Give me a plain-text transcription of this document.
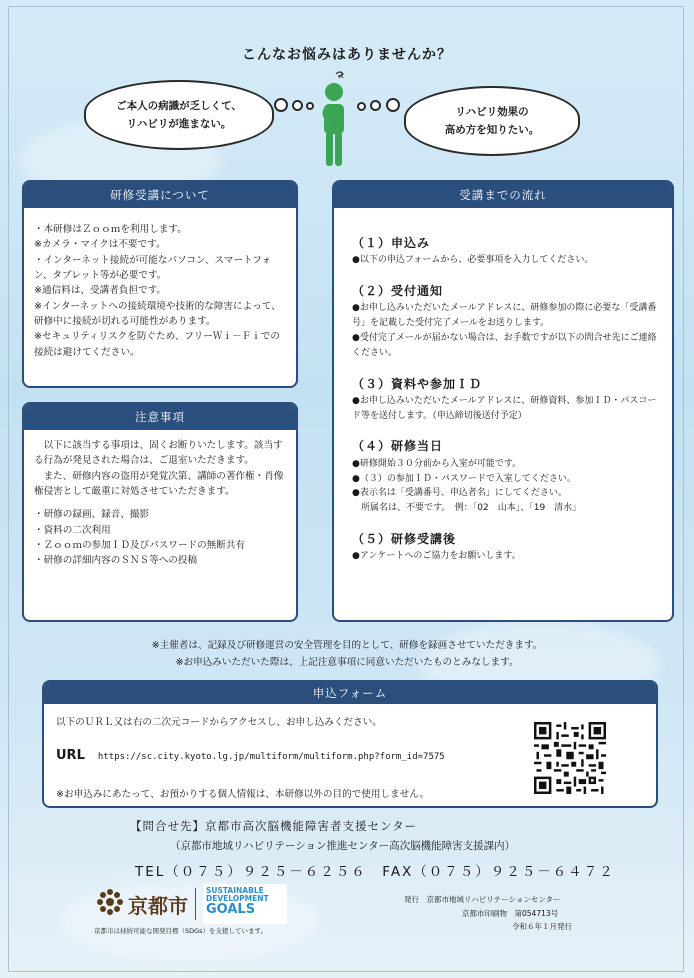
こんなお悩みはありませんか？
ご本人の病識が乏しくて、
リハビリが進まない。
リハビリ効果の
高め方を知りたい。
研修受講について

・本研修はＺｏｏｍを利用します。

※カメラ・マイクは不要です。

・インターネット接続が可能なパソコン、スマートフォン、タブレット等が必要です。

※通信料は、受講者負担です。

※インターネットへの接続環境や技術的な障害によって、研修中に接続が切れる可能性があります。

※セキュリティリスクを防ぐため、フリーＷｉ－Ｆｉでの接続は避けてください。

注意事項

　以下に該当する事項は、固くお断りいたします。該当する行為が発見された場合は、ご退室いただきます。

　また、研修内容の盗用が発覚次第、講師の著作権・肖像権侵害として厳重に対処させていただきます。

・研修の録画、録音、撮影

・資料の二次利用

・Ｚｏｏｍの参加ＩＤ及びパスワードの無断共有

・研修の詳細内容のＳＮＳ等への投稿

受講までの流れ

（１）申込み

●以下の申込フォームから、必要事項を入力してください。

（２）受付通知

●お申し込みいただいたメールアドレスに、研修参加の際に必要な「受講番号」を記載した受付完了メールをお送りします。

●受付完了メールが届かない場合は、お手数ですが以下の問合せ先にご連絡ください。

（３）資料や参加ＩＤ

●お申し込みいただいたメールアドレスに、研修資料、参加ＩＤ・パスコード等を送付します。（申込締切後送付予定）

（４）研修当日

●研修開始３０分前から入室が可能です。

●（３）の参加ＩＤ・パスワードで入室してください。

●表示名は「受講番号、申込者名」にしてください。

　所属名は、不要です。　例：「02　山本」、「19　清水」

（５）研修受講後

●アンケートへのご協力をお願いします。

※主催者は、記録及び研修運営の安全管理を目的として、研修を録画させていただきます。
※お申込みいただいた際は、上記注意事項に同意いただいたものとみなします。
申込フォーム
以下のＵＲＬ又は右の二次元コードからアクセスし、お申し込みください。
URL https://sc.city.kyoto.lg.jp/multiform/multiform.php?form_id=7575
※お申込みにあたって、お預かりする個人情報は、本研修以外の目的で使用しません。
【問合せ先】京都市高次脳機能障害者支援センター
（京都市地域リハビリテーション推進センター高次脳機能障害支援課内）
TEL（０７５）９２５－６２５６　FAX（０７５）９２５－６４７２
京都市
SUSTAINABLE
DEVELOPMENT
GOALS
京都市は持続可能な開発目標（SDGs）を支援しています。
発行　京都市地域リハビリテーションセンター
京都市印刷物　第054713号
令和６年１月発行
